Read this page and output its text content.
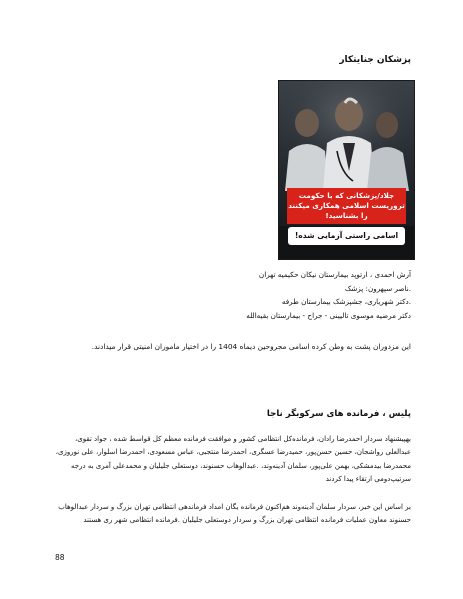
پزشکان جنایتکار
جلاد/پزشکانی که با حکومت تروریست اسلامی همکاری میکنند را بشناسید!
اسامی راستی آزمایی شده!
آرش احمدی ، ارتوپد بیمارستان نیکان حکیمیه تهران
.ناصر سپهرون: پزشک
.دکتر شهریاری، جشپزشک بیمارستان طرفه
دکتر مرضیه موسوی تالیینی - جراح - بیمارستان بقیه‌الله
این مزدوران پشت به وطن کرده اسامی مجروحین دیماه 1404 را در اختیار ماموران امنیتی قرار میدادند.
پلیس ، فرمانده های سرکوبگر ناجا
بهپیشنهاد سردار احمدرضا رادان، فرمانده‌کل انتظامی کشور و موافقت فرمانده معظم کل قواسط شده ، جواد تقوی، عبدالعلی رواشجان، حسین حسن‌پور، حمیدرضا عسگری، احمدرضا منتجبی، عباس مسعودی، احمدرضا اسلوار، علی نوروزی، محمدرضا بیدمشکی، بهمن علی‌پور، سلمان آدینه‌وند، .عبدالوهاب حسنوند، دوستعلی جلیلیان و محمدعلی آمری به درجه سرتیپ‌دومی ارتقاء پیدا کردند
بر اساس این خبر، سردار سلمان آدینه‌وند هم‌اکنون فرمانده یگان امداد فرماندهی انتظامی تهران بزرگ و سردار عبدالوهاب حسنوند معاون عملیات فرمانده انتظامی تهران بزرگ و سردار دوستعلی جلیلیان .فرمانده انتظامی شهر ری هستند
88
